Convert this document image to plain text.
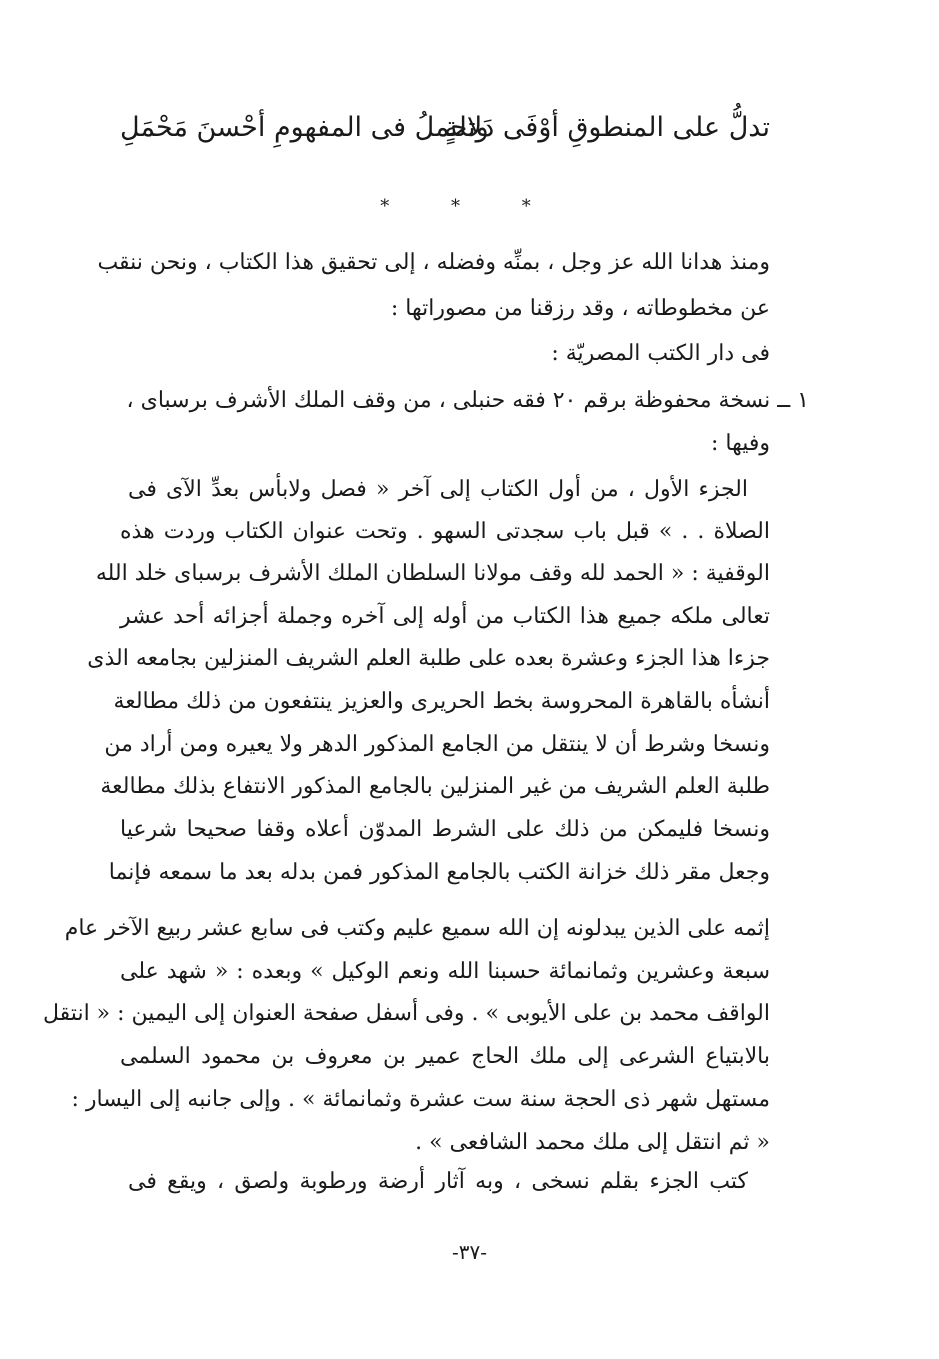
تدلُّ على المنطوقِ أوْفَى دَلالةٍ
وتحملُ فى المفهومِ أحْسنَ مَحْمَلِ
* * *
ومنذ هدانا الله عز وجل ، بمنِّه وفضله ، إلى تحقيق هذا الكتاب ، ونحن ننقب
عن مخطوطاته ، وقد رزقنا من مصوراتها :
فى دار الكتب المصريّة :
١ ــ نسخة محفوظة برقم ٢٠ فقه حنبلى ، من وقف الملك الأشرف برسباى ،
وفيها :
الجزء الأول ، من أول الكتاب إلى آخر « فصل ولابأس بعدِّ الآى فى
الصلاة . . » قبل باب سجدتى السهو . وتحت عنوان الكتاب وردت هذه
الوقفية : « الحمد لله وقف مولانا السلطان الملك الأشرف برسباى خلد الله
تعالى ملكه جميع هذا الكتاب من أوله إلى آخره وجملة أجزائه أحد عشر
جزءا هذا الجزء وعشرة بعده على طلبة العلم الشريف المنزلين بجامعه الذى
أنشأه بالقاهرة المحروسة بخط الحريرى والعزيز ينتفعون من ذلك مطالعة
ونسخا وشرط أن لا ينتقل من الجامع المذكور الدهر ولا يعيره ومن أراد من
طلبة العلم الشريف من غير المنزلين بالجامع المذكور الانتفاع بذلك مطالعة
ونسخا فليمكن من ذلك على الشرط المدوّن أعلاه وقفا صحيحا شرعيا
وجعل مقر ذلك خزانة الكتب بالجامع المذكور فمن بدله بعد ما سمعه فإنما
إثمه على الذين يبدلونه إن الله سميع عليم وكتب فى سابع عشر ربيع الآخر عام
سبعة وعشرين وثمانمائة حسبنا الله ونعم الوكيل » وبعده : « شهد على
الواقف محمد بن على الأيوبى » . وفى أسفل صفحة العنوان إلى اليمين : « انتقل
بالابتياع الشرعى إلى ملك الحاج عمير بن معروف بن محمود السلمى
مستهل شهر ذى الحجة سنة ست عشرة وثمانمائة » . وإلى جانبه إلى اليسار :
« ثم انتقل إلى ملك محمد الشافعى » .
كتب الجزء بقلم نسخى ، وبه آثار أرضة ورطوبة ولصق ، ويقع فى
-٣٧-
